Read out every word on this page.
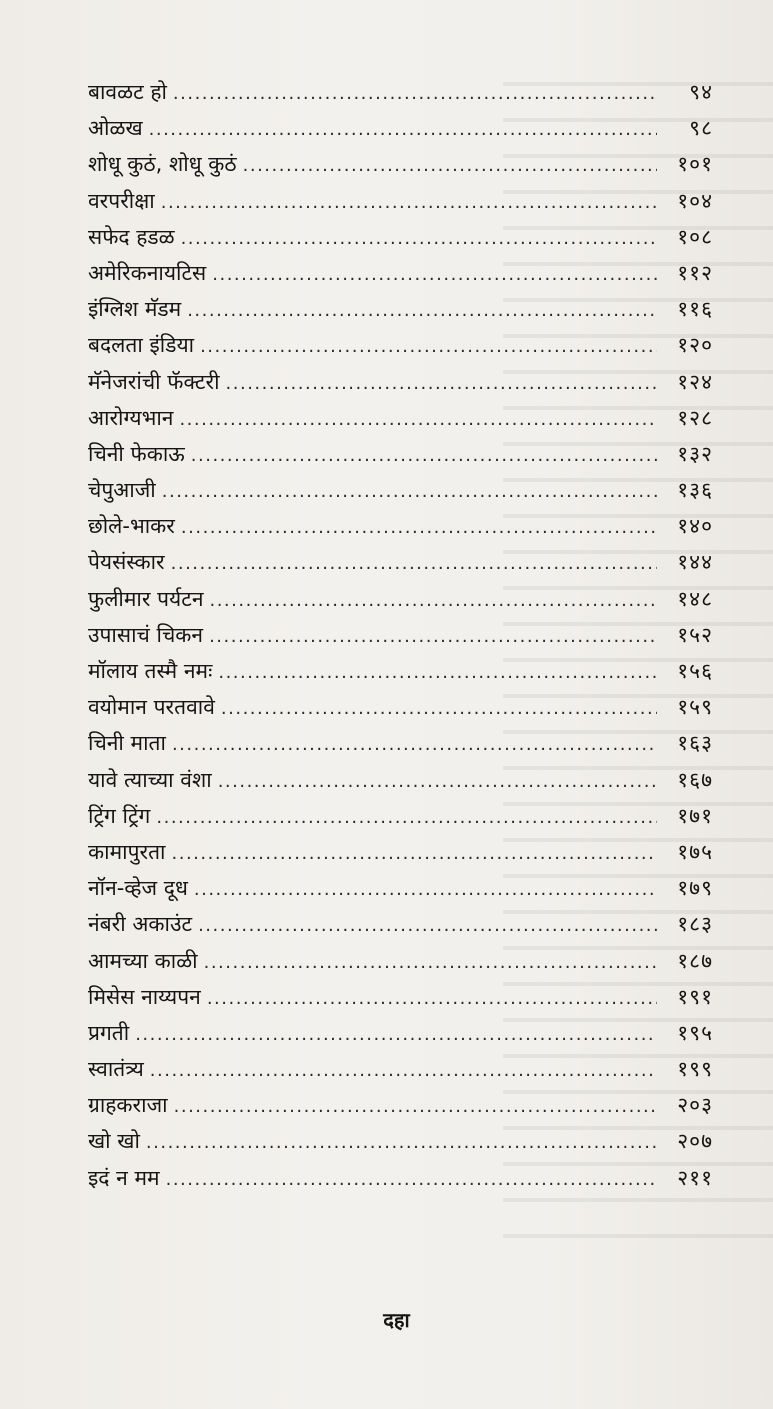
बावळट हो .....	९४
ओळख .....	९८
शोधू कुठं, शोधू कुठं .....	१०१
वरपरीक्षा .....	१०४
सफेद हडळ .....	१०८
अमेरिकनायटिस .....	११२
इंग्लिश मॅडम .....	११६
बदलता इंडिया .....	१२०
मॅनेजरांची फॅक्टरी .....	१२४
आरोग्यभान .....	१२८
चिनी फेकाऊ .....	१३२
चेपुआजी .....	१३६
छोले-भाकर .....	१४०
पेयसंस्कार .....	१४४
फुलीमार पर्यटन .....	१४८
उपासाचं चिकन .....	१५२
मॉलाय तस्मै नमः .....	१५६
वयोमान परतवावे .....	१५९
चिनी माता .....	१६३
यावे त्याच्या वंशा .....	१६७
ट्रिंग ट्रिंग .....	१७१
कामापुरता .....	१७५
नॉन-व्हेज दूध .....	१७९
नंबरी अकाउंट .....	१८३
आमच्या काळी .....	१८७
मिसेस नाय्यपन .....	१९१
प्रगती .....	१९५
स्वातंत्र्य .....	१९९
ग्राहकराजा .....	२०३
खो खो .....	२०७
इदं न मम .....	२११
दहा
